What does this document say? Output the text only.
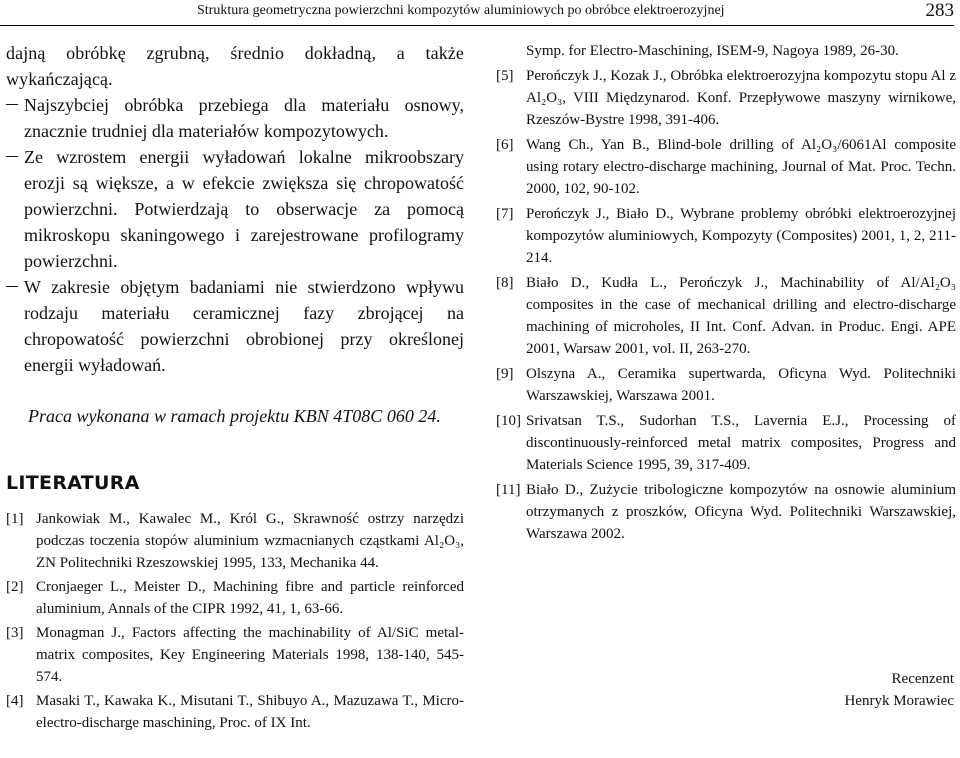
Struktura geometryczna powierzchni kompozytów aluminiowych po obróbce elektroerozyjnej	283

dajną obróbkę zgrubną, średnio dokładną, a także wykańczającą.

Najszybciej obróbka przebiega dla materiału osnowy, znacznie trudniej dla materiałów kompozytowych.

Ze wzrostem energii wyładowań lokalne mikroobszary erozji są większe, a w efekcie zwiększa się chropowatość powierzchni. Potwierdzają to obserwacje za pomocą mikroskopu skaningowego i zarejestrowane profilogramy powierzchni.

W zakresie objętym badaniami nie stwierdzono wpływu rodzaju materiału ceramicznej fazy zbrojącej na chropowatość powierzchni obrobionej przy określonej energii wyładowań.

Praca wykonana w ramach projektu KBN 4T08C 060 24.

LITERATURA

[1] Jankowiak M., Kawalec M., Król G., Skrawność ostrzy narzędzi podczas toczenia stopów aluminium wzmacnianych cząstkami Al₂O₃, ZN Politechniki Rzeszowskiej 1995, 133, Mechanika 44.

[2] Cronjaeger L., Meister D., Machining fibre and particle reinforced aluminium, Annals of the CIPR 1992, 41, 1, 63-66.

[3] Monagman J., Factors affecting the machinability of Al/SiC metal-matrix composites, Key Engineering Materials 1998, 138-140, 545-574.

[4] Masaki T., Kawaka K., Misutani T., Shibuyo A., Mazuzawa T., Micro-electro-discharge maschining, Proc. of IX Int.

Symp. for Electro-Maschining, ISEM-9, Nagoya 1989, 26-30.

[5] Perończyk J., Kozak J., Obróbka elektroerozyjna kompozytu stopu Al z Al₂O₃, VIII Międzynarod. Konf. Przepływowe maszyny wirnikowe, Rzeszów-Bystre 1998, 391-406.

[6] Wang Ch., Yan B., Blind-bole drilling of Al₂O₃/6061Al composite using rotary electro-discharge machining, Journal of Mat. Proc. Techn. 2000, 102, 90-102.

[7] Perończyk J., Biało D., Wybrane problemy obróbki elektroerozyjnej kompozytów aluminiowych, Kompozyty (Composites) 2001, 1, 2, 211-214.

[8] Biało D., Kudła L., Perończyk J., Machinability of Al/Al₂O₃ composites in the case of mechanical drilling and electro-discharge machining of microholes, II Int. Conf. Advan. in Produc. Engi. APE 2001, Warsaw 2001, vol. II, 263-270.

[9] Olszyna A., Ceramika supertwarda, Oficyna Wyd. Politechniki Warszawskiej, Warszawa 2001.

[10] Srivatsan T.S., Sudorhan T.S., Lavernia E.J., Processing of discontinuously-reinforced metal matrix composites, Progress and Materials Science 1995, 39, 317-409.

[11] Biało D., Zużycie tribologiczne kompozytów na osnowie aluminium otrzymanych z proszków, Oficyna Wyd. Politechniki Warszawskiej, Warszawa 2002.

Recenzent
Henryk Morawiec
